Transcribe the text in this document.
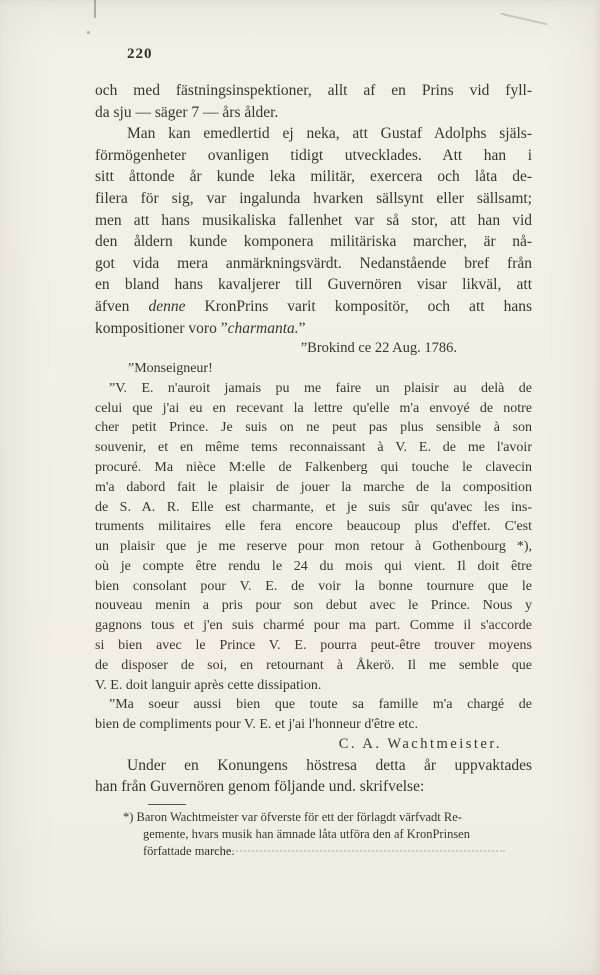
220
och med fästningsinspektioner, allt af en Prins vid fyll-
da sju — säger 7 — års ålder.
Man kan emedlertid ej neka, att Gustaf Adolphs själs-
förmögenheter ovanligen tidigt utvecklades. Att han i
sitt åttonde år kunde leka militär, exercera och låta de-
filera för sig, var ingalunda hvarken sällsynt eller sällsamt;
men att hans musikaliska fallenhet var så stor, att han vid
den åldern kunde komponera militäriska marcher, är nå-
got vida mera anmärkningsvärdt. Nedanstående bref från
en bland hans kavaljerer till Guvernören visar likväl, att
äfven denne KronPrins varit kompositör, och att hans
kompositioner voro ”charmanta.”
”Brokind ce 22 Aug. 1786.
”Monseigneur!
”V. E. n'auroit jamais pu me faire un plaisir au delà de
celui que j'ai eu en recevant la lettre qu'elle m'a envoyé de notre
cher petit Prince. Je suis on ne peut pas plus sensible à son
souvenir, et en même tems reconnaissant à V. E. de me l'avoir
procuré. Ma nièce M:elle de Falkenberg qui touche le clavecin
m'a dabord fait le plaisir de jouer la marche de la composition
de S. A. R. Elle est charmante, et je suis sûr qu'avec les ins-
truments militaires elle fera encore beaucoup plus d'effet. C'est
un plaisir que je me reserve pour mon retour à Gothenbourg *),
où je compte être rendu le 24 du mois qui vient. Il doit être
bien consolant pour V. E. de voir la bonne tournure que le
nouveau menin a pris pour son debut avec le Prince. Nous y
gagnons tous et j'en suis charmé pour ma part. Comme il s'accorde
si bien avec le Prince V. E. pourra peut-être trouver moyens
de disposer de soi, en retournant à Åkerö. Il me semble que
V. E. doit languir après cette dissipation.
”Ma soeur aussi bien que toute sa famille m'a chargé de
bien de compliments pour V. E. et j'ai l'honneur d'être etc.
C. A. Wachtmeister.
Under en Konungens höstresa detta år uppvaktades
han från Guvernören genom följande und. skrifvelse:
*) Baron Wachtmeister var öfverste för ett der förlagdt värfvadt Re-
gemente, hvars musik han ämnade låta utföra den af KronPrinsen
författade marche.
